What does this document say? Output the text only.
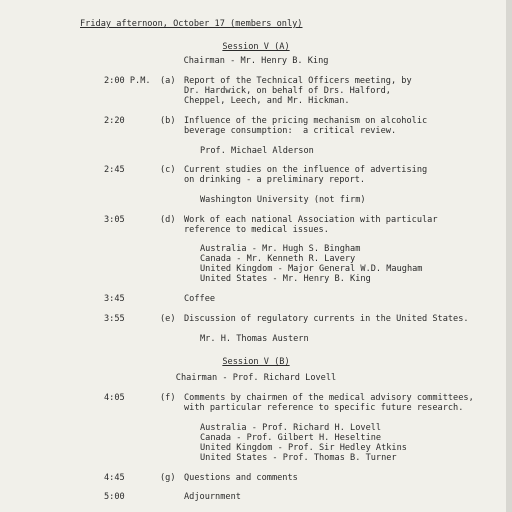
Friday afternoon, October 17 (members only)
Session V (A)
Chairman - Mr. Henry B. King
2:00 P.M. (a) Report of the Technical Officers meeting, by
Dr. Hardwick, on behalf of Drs. Halford,
Cheppel, Leech, and Mr. Hickman.
2:20	(b) Influence of the pricing mechanism on alcoholic
beverage consumption:  a critical review.
Prof. Michael Alderson
2:45	(c) Current studies on the influence of advertising
on drinking - a preliminary report.
Washington University (not firm)
3:05	(d) Work of each national Association with particular
reference to medical issues.
Australia - Mr. Hugh S. Bingham
Canada - Mr. Kenneth R. Lavery
United Kingdom - Major General W.D. Maugham
United States - Mr. Henry B. King
3:45	Coffee
3:55	(e) Discussion of regulatory currents in the United States.
Mr. H. Thomas Austern
Session V (B)
Chairman - Prof. Richard Lovell
4:05	(f) Comments by chairmen of the medical advisory committees,
with particular reference to specific future research.
Australia - Prof. Richard H. Lovell
Canada - Prof. Gilbert H. Heseltine
United Kingdom - Prof. Sir Hedley Atkins
United States - Prof. Thomas B. Turner
4:45	(g) Questions and comments
5:00	Adjournment
